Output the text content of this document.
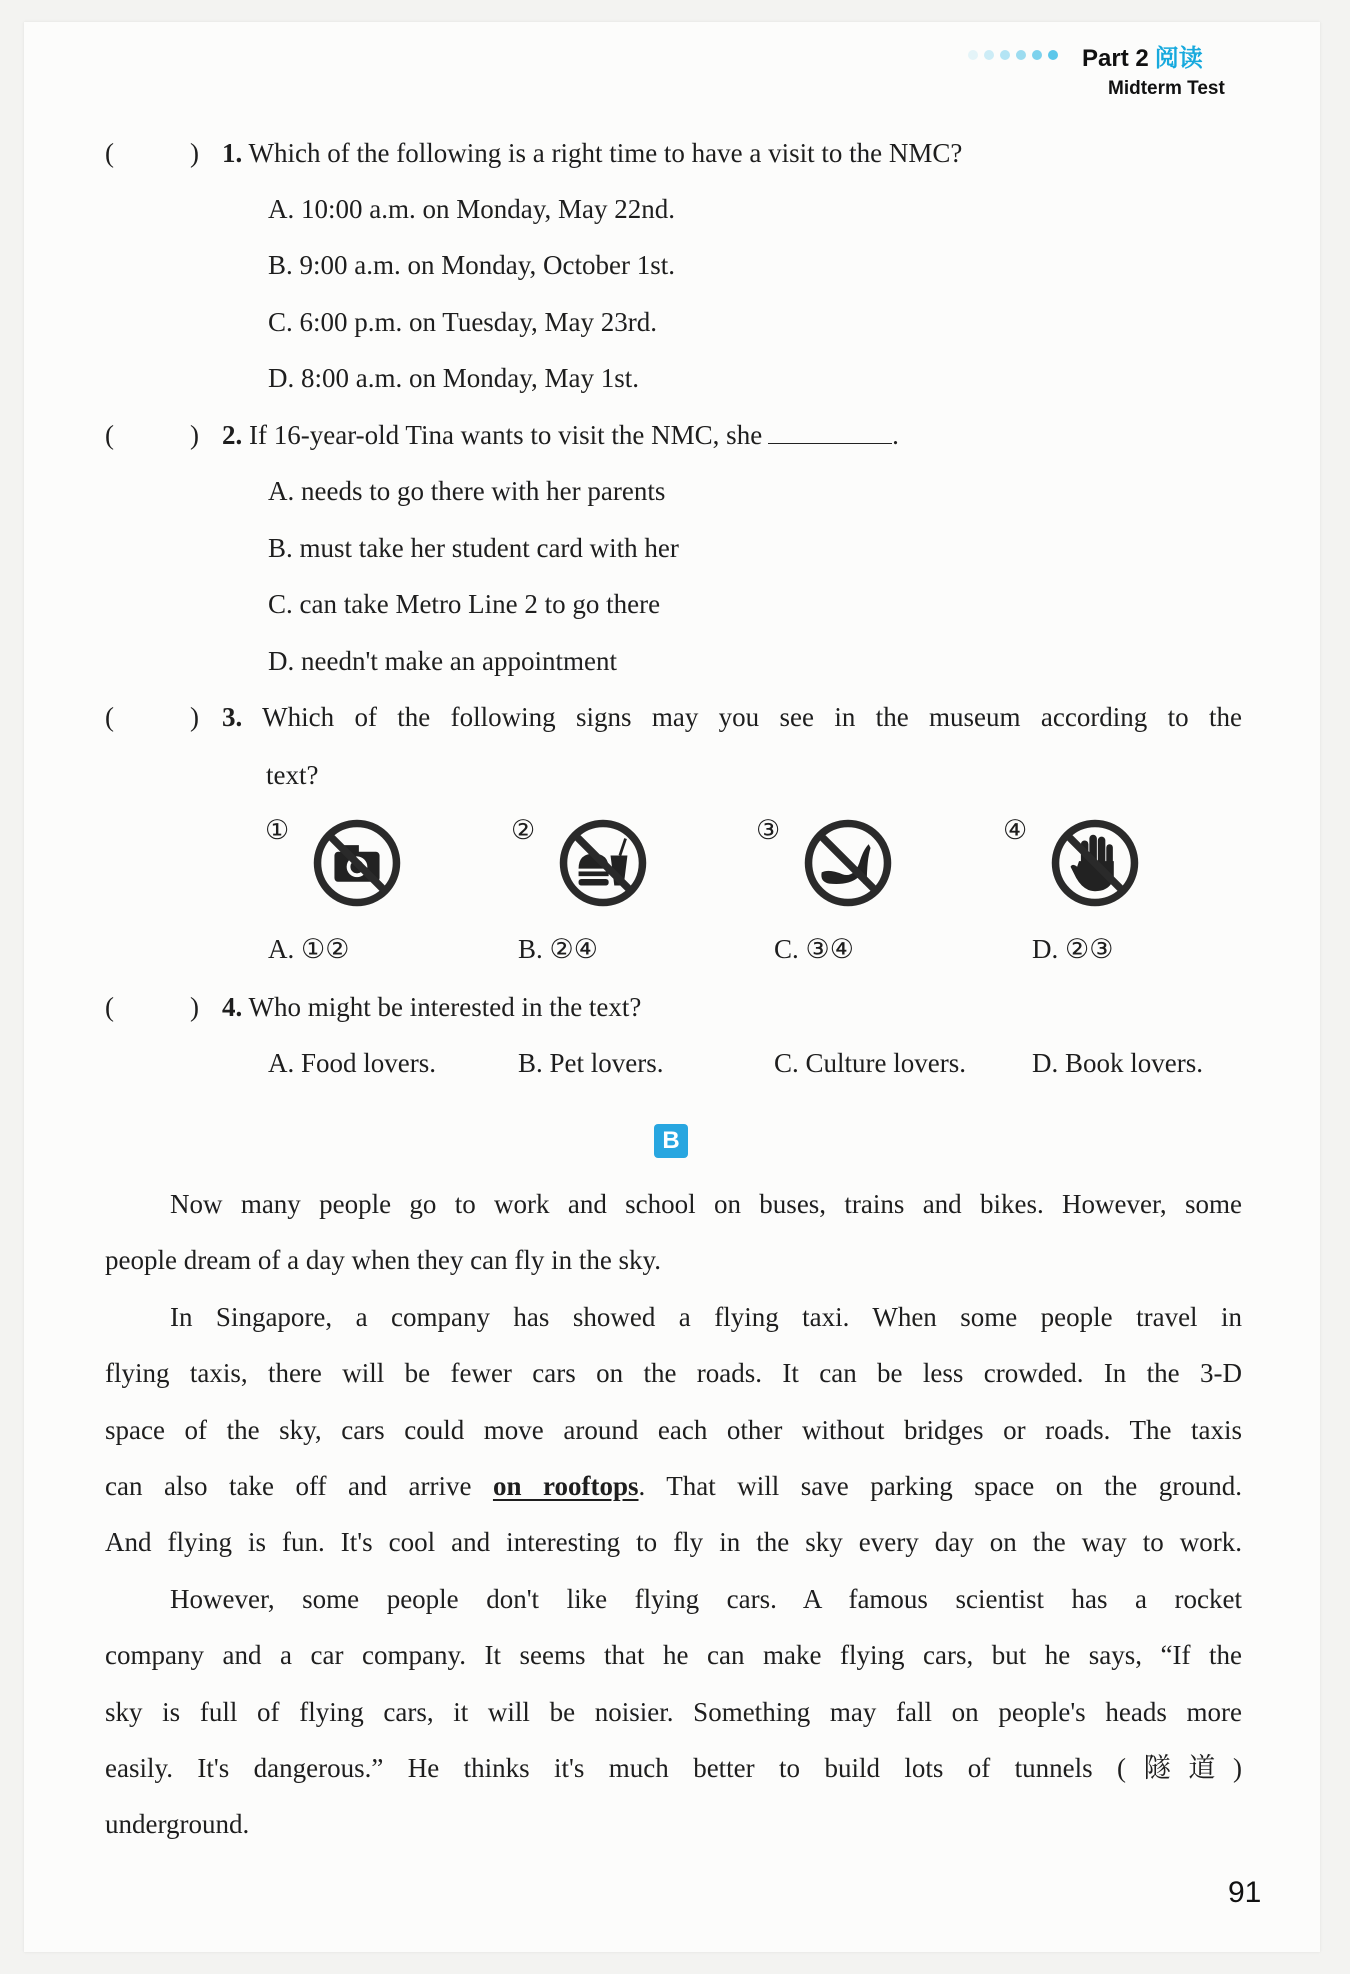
Part 2 阅读
Midterm Test
(	) 1. Which of the following is a right time to have a visit to the NMC?
A. 10:00 a.m. on Monday, May 22nd.
B. 9:00 a.m. on Monday, October 1st.
C. 6:00 p.m. on Tuesday, May 23rd.
D. 8:00 a.m. on Monday, May 1st.
(	) 2. If 16-year-old Tina wants to visit the NMC, she	.
A. needs to go there with her parents
B. must take her student card with her
C. can take Metro Line 2 to go there
D. needn't make an appointment
(	) 3. Which of the following signs may you see in the museum according to the
text?
①	②	③	④
A. ①②	B. ②④	C. ③④	D. ②③
(	) 4. Who might be interested in the text?
A. Food lovers.	B. Pet lovers.	C. Culture lovers. D. Book lovers.
B
Now many people go to work and school on buses, trains and bikes. However, some
people dream of a day when they can fly in the sky.
In Singapore, a company has showed a flying taxi. When some people travel in
flying taxis, there will be fewer cars on the roads. It can be less crowded. In the 3-D
space of the sky, cars could move around each other without bridges or roads. The taxis
can also take off and arrive on rooftops. That will save parking space on the ground.
And flying is fun. It's cool and interesting to fly in the sky every day on the way to work.
However, some people don't like flying cars. A famous scientist has a rocket
company and a car company. It seems that he can make flying cars, but he says, “If the
sky is full of flying cars, it will be noisier. Something may fall on people's heads more
easily. It's dangerous.” He thinks it's much better to build lots of tunnels (隧道)
underground.
91
